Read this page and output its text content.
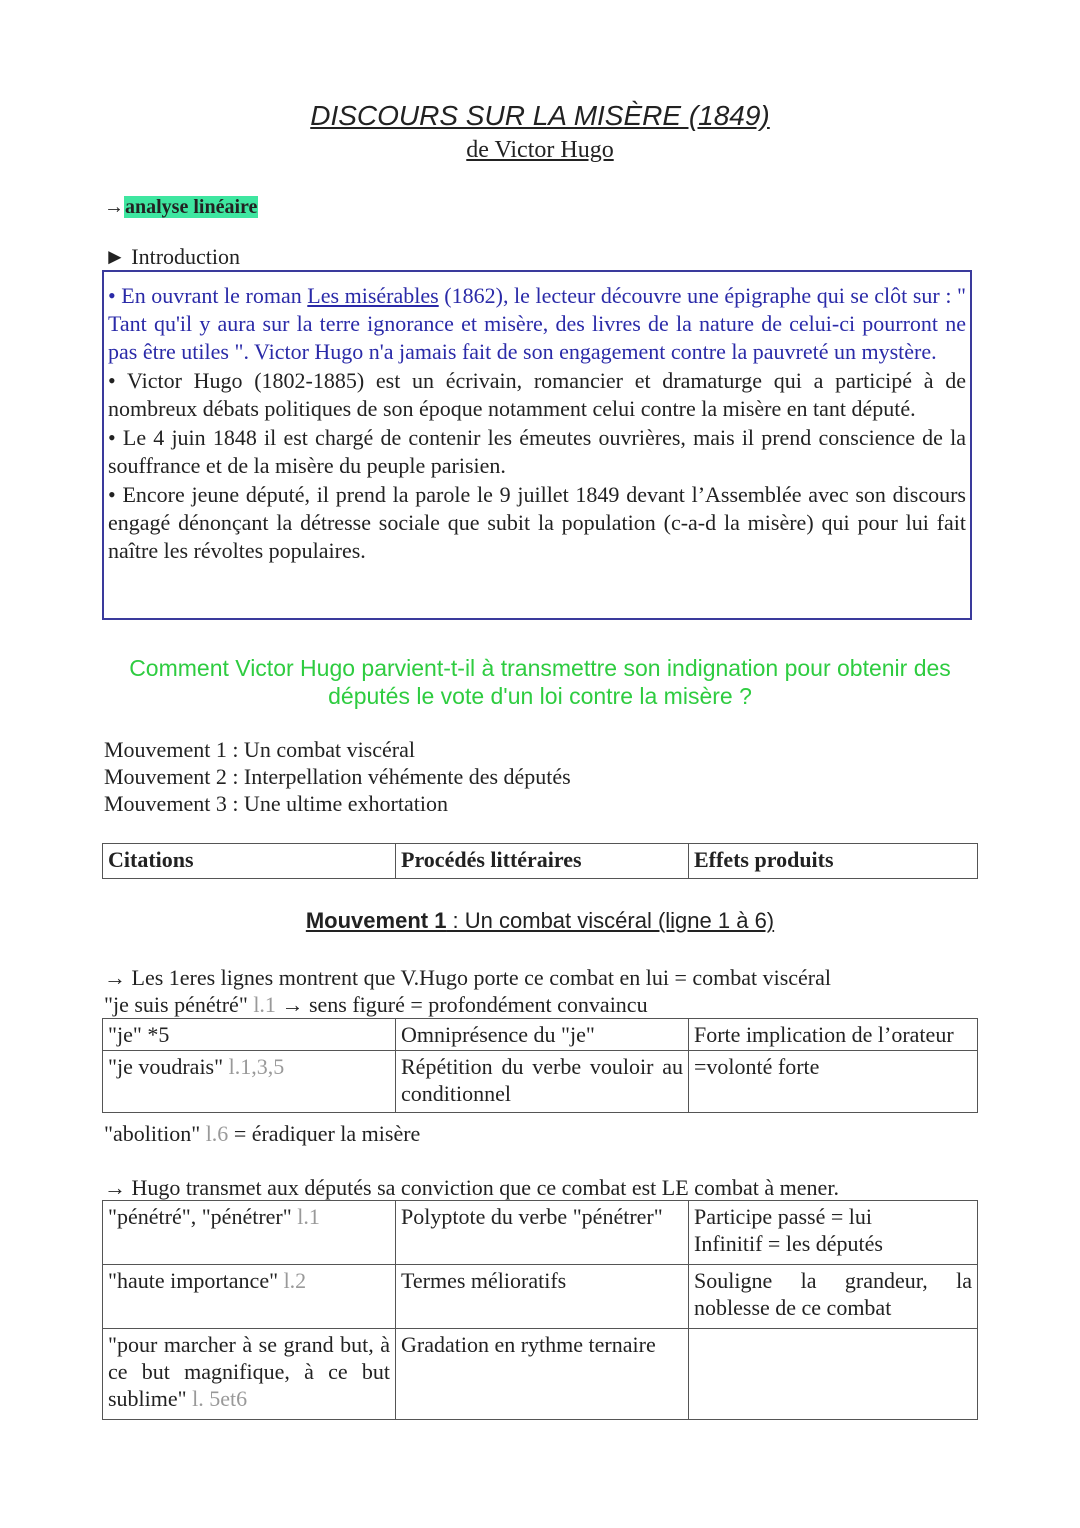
DISCOURS SUR LA MISÈRE (1849)
de Victor Hugo
→analyse linéaire
► Introduction

• En ouvrant le roman Les misérables (1862), le lecteur découvre une épigraphe qui se clôt sur : " Tant qu'il y aura sur la terre ignorance et misère, des livres de la nature de celui-ci pourront ne pas être utiles ". Victor Hugo n'a jamais fait de son engagement contre la pauvreté un mystère.

• Victor Hugo (1802-1885) est un écrivain, romancier et dramaturge qui a participé à de nombreux débats politiques de son époque notamment celui contre la misère en tant député.

• Le 4 juin 1848 il est chargé de contenir les émeutes ouvrières, mais il prend conscience de la souffrance et de la misère du peuple parisien.

• Encore jeune député, il prend la parole le 9 juillet 1849 devant l’Assemblée avec son discours engagé dénonçant la détresse sociale que subit la population (c-a-d la misère) qui pour lui fait naître les révoltes populaires.

Comment Victor Hugo parvient-t-il à transmettre son indignation pour obtenir des députés le vote d'un loi contre la misère ?
Mouvement 1 : Un combat viscéral
Mouvement 2 : Interpellation véhémente des députés
Mouvement 3 : Une ultime exhortation
Citations	Procédés littéraires	Effets produits
Mouvement 1 : Un combat viscéral (ligne 1 à 6)
→ Les 1eres lignes montrent que V.Hugo porte ce combat en lui = combat viscéral
"je suis pénétré" l.1 → sens figuré = profondément convaincu
"je" *5	Omniprésence du "je"	Forte implication de l’orateur
"je voudrais" l.1,3,5	Répétition du verbe vouloir au conditionnel	=volonté forte
"abolition" l.6 = éradiquer la misère
→ Hugo transmet aux députés sa conviction que ce combat est LE combat à mener.
"pénétré", "pénétrer" l.1	Polyptote du verbe "pénétrer"	Participe passé = lui
Infinitif = les députés

"haute importance" l.2	Termes mélioratifs	Souligne la grandeur, la noblesse de ce combat
"pour marcher à se grand but, à ce but magnifique, à ce but sublime" l. 5et6	Gradation en rythme ternaire	
